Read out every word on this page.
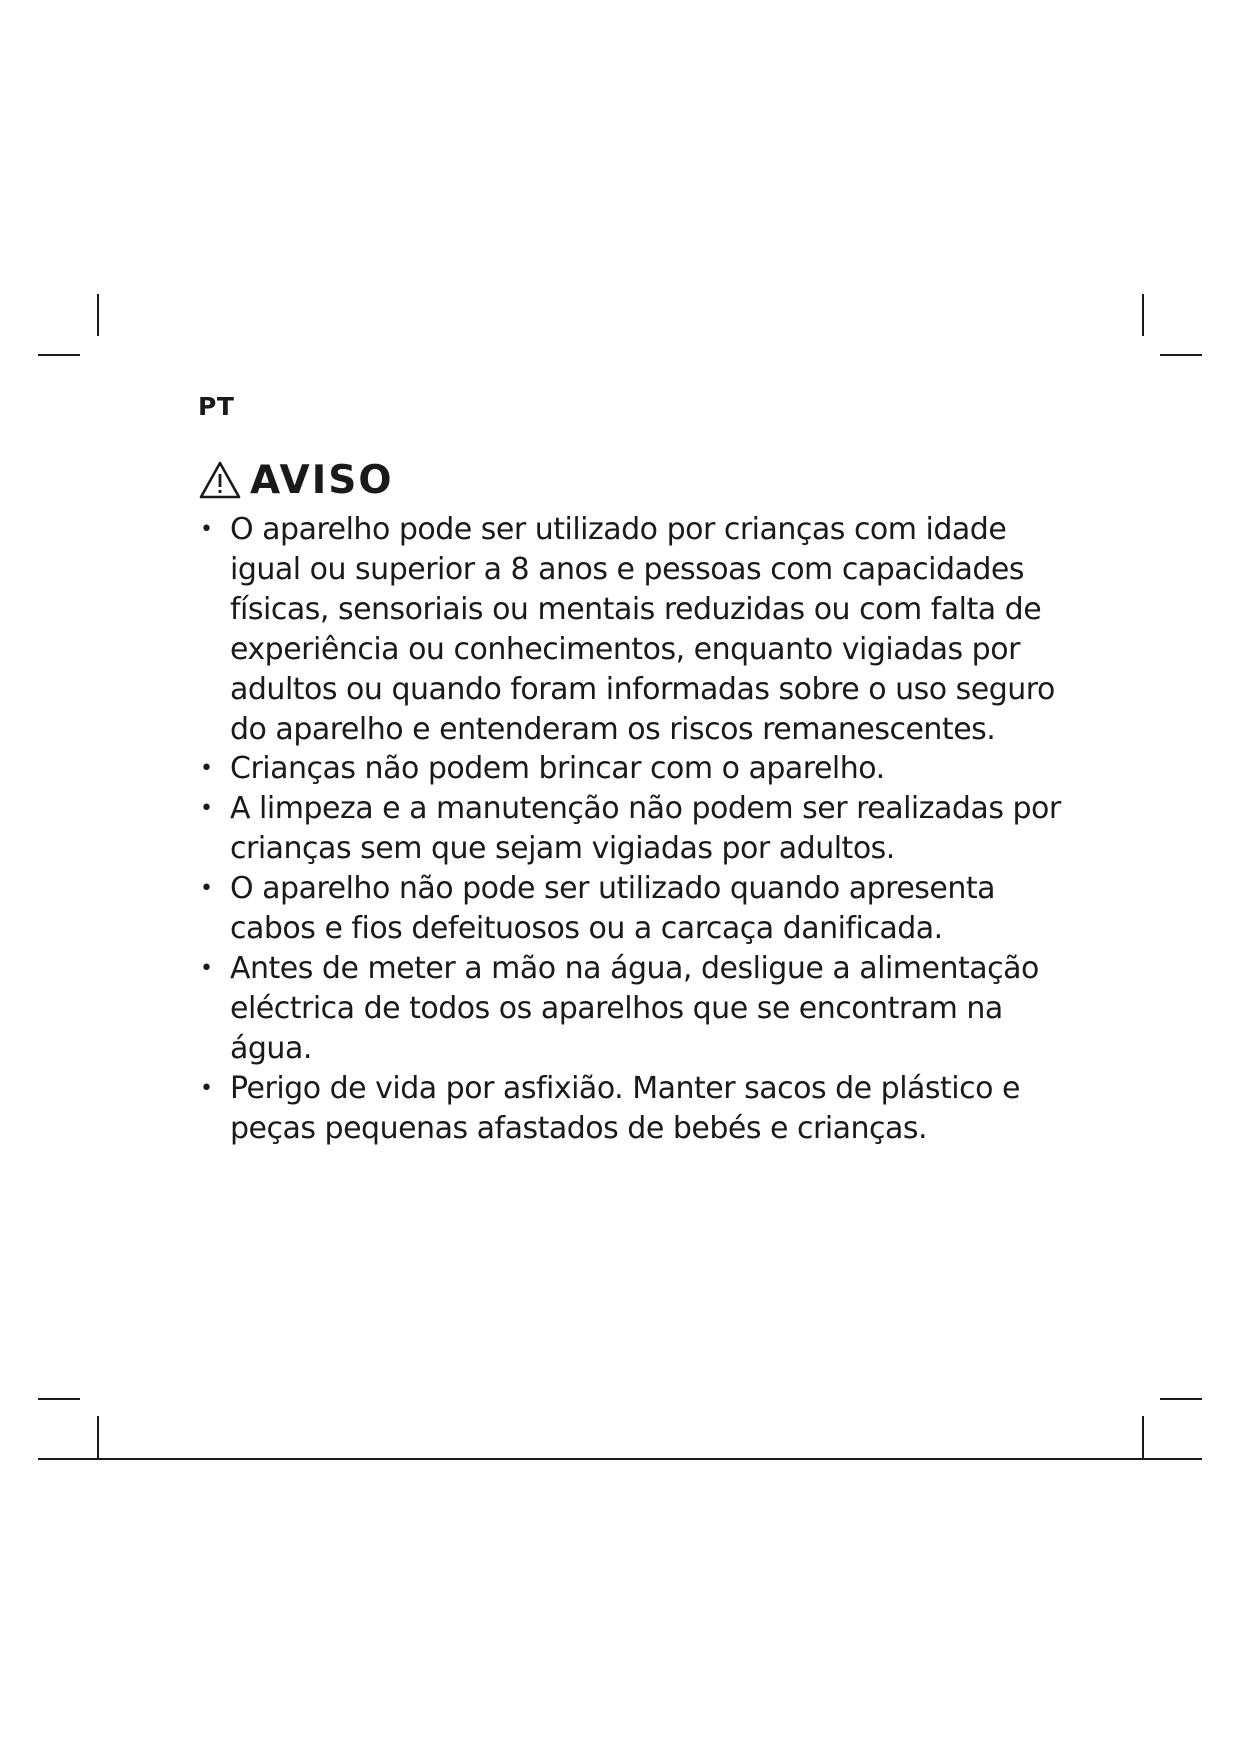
PT
AVISO
• O aparelho pode ser utilizado por crianças com idade igual ou superior a 8 anos e pessoas com capacidades físicas, sensoriais ou mentais reduzidas ou com falta de experiência ou conhecimentos, enquanto vigiadas por adultos ou quando foram informadas sobre o uso seguro do aparelho e entenderam os riscos remanescentes.
• Crianças não podem brincar com o aparelho.
• A limpeza e a manutenção não podem ser realizadas por crianças sem que sejam vigiadas por adultos.
• O aparelho não pode ser utilizado quando apresenta cabos e fios defeituosos ou a carcaça danificada.
• Antes de meter a mão na água, desligue a alimentação eléctrica de todos os aparelhos que se encontram na água.
• Perigo de vida por asfixião. Manter sacos de plástico e peças pequenas afastados de bebés e crianças.
